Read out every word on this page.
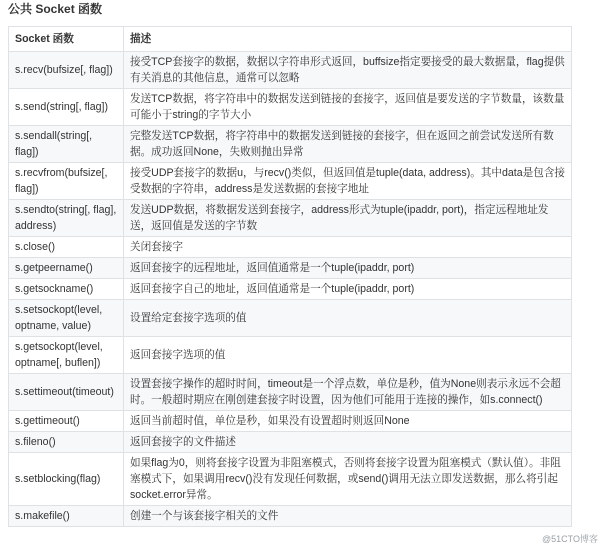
公共 Socket 函数
Socket 函数	描述
s.recv(bufsize[, flag])	接受TCP套接字的数据，数据以字符串形式返回，buffsize指定要接受的最大数据量，flag提供有关消息的其他信息，通常可以忽略
s.send(string[, flag])	发送TCP数据，将字符串中的数据发送到链接的套接字，返回值是要发送的字节数量，该数量可能小于string的字节大小
s.sendall(string[, flag])	完整发送TCP数据，将字符串中的数据发送到链接的套接字，但在返回之前尝试发送所有数据。成功返回None，失败则抛出异常
s.recvfrom(bufsize[, flag])	接受UDP套接字的数据u，与recv()类似，但返回值是tuple(data, address)。其中data是包含接受数据的字符串，address是发送数据的套接字地址
s.sendto(string[, flag], address)	发送UDP数据，将数据发送到套接字，address形式为tuple(ipaddr, port)，指定远程地址发送，返回值是发送的字节数
s.close()	关闭套接字
s.getpeername()	返回套接字的远程地址，返回值通常是一个tuple(ipaddr, port)
s.getsockname()	返回套接字自己的地址，返回值通常是一个tuple(ipaddr, port)
s.setsockopt(level, optname, value)	设置给定套接字选项的值
s.getsockopt(level, optname[, buflen])	返回套接字选项的值
s.settimeout(timeout)	设置套接字操作的超时时间，timeout是一个浮点数，单位是秒，值为None则表示永远不会超时。一般超时期应在刚创建套接字时设置，因为他们可能用于连接的操作，如s.connect()
s.gettimeout()	返回当前超时值，单位是秒，如果没有设置超时则返回None
s.fileno()	返回套接字的文件描述
s.setblocking(flag)	如果flag为0，则将套接字设置为非阻塞模式，否则将套接字设置为阻塞模式（默认值）。非阻塞模式下，如果调用recv()没有发现任何数据，或send()调用无法立即发送数据，那么将引起socket.error异常。
s.makefile()	创建一个与该套接字相关的文件
@51CTO博客
